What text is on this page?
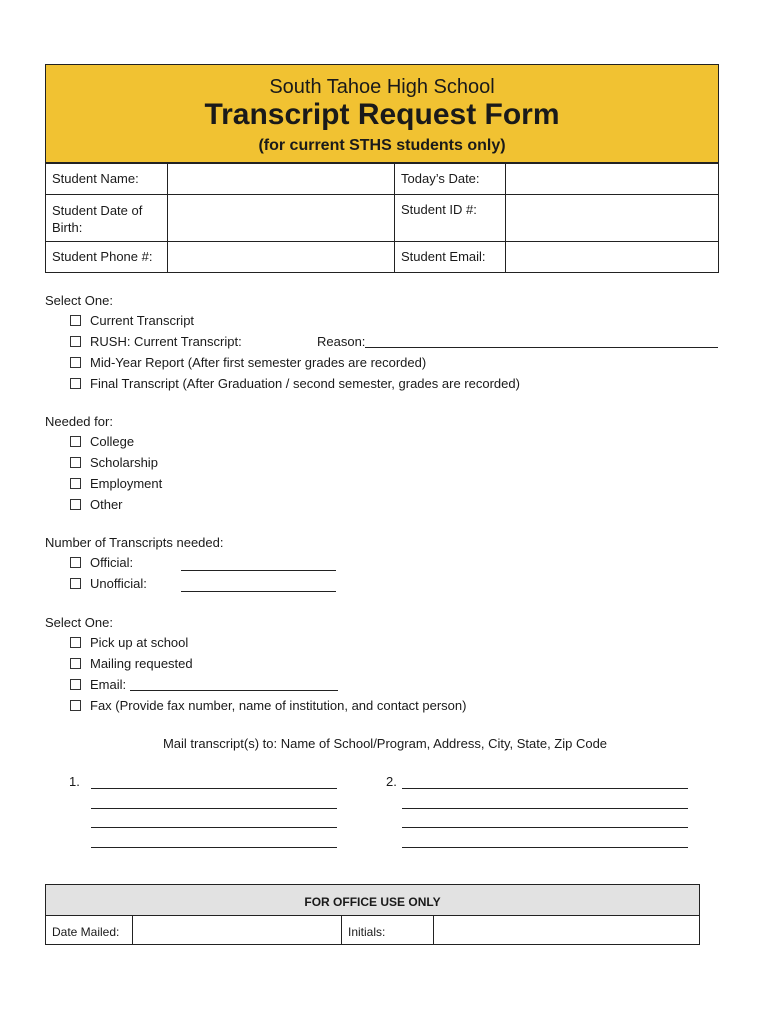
South Tahoe High School
Transcript Request Form
(for current STHS students only)
Student Name:		Today’s Date:	
Student Date of Birth:		Student ID #:	
Student Phone #:		Student Email:	
Select One:
Current Transcript
RUSH: Current Transcript:	Reason:
Mid-Year Report (After first semester grades are recorded)
Final Transcript (After Graduation / second semester, grades are recorded)
Needed for:
College
Scholarship
Employment
Other
Number of Transcripts needed:
Official:
Unofficial:
Select One:
Pick up at school
Mailing requested
Email:
Fax (Provide fax number, name of institution, and contact person)
Mail transcript(s) to: Name of School/Program, Address, City, State, Zip Code
1.	2.
FOR OFFICE USE ONLY
Date Mailed:	Initials:
